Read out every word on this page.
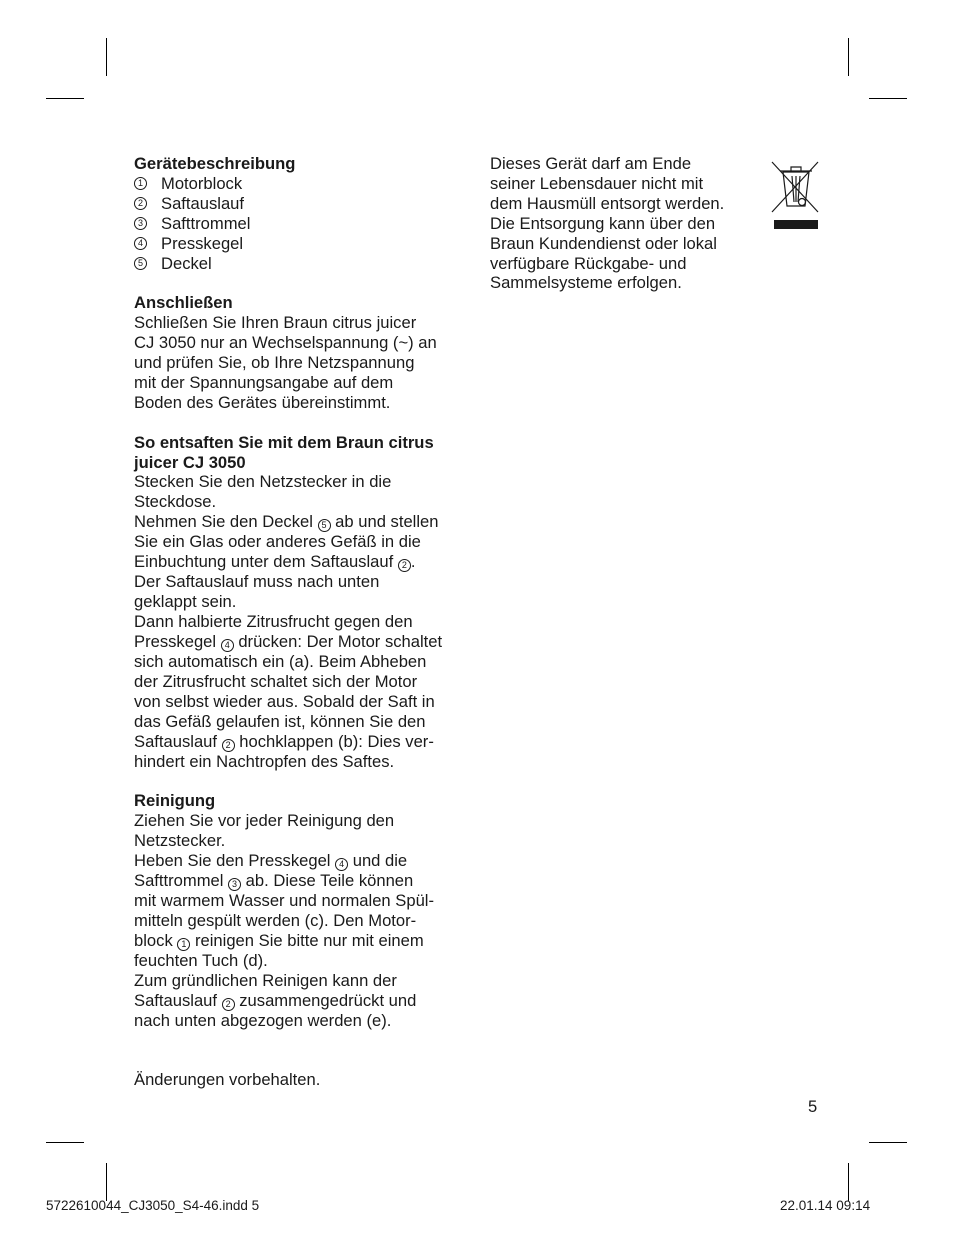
Gerätebeschreibung
1 Motorblock
2 Saftauslauf
3 Safttrommel
4 Presskegel
5 Deckel
Anschließen
Schließen Sie Ihren Braun citrus juicer
CJ 3050 nur an Wechselspannung (~) an
und prüfen Sie, ob Ihre Netzspannung
mit der Spannungsangabe auf dem
Boden des Gerätes übereinstimmt.
So entsaften Sie mit dem Braun citrus
juicer CJ 3050
Stecken Sie den Netzstecker in die
Steckdose.
Nehmen Sie den Deckel 5 ab und stellen
Sie ein Glas oder anderes Gefäß in die
Einbuchtung unter dem Saftauslauf 2 .
Der Saftauslauf muss nach unten
geklappt sein.
Dann halbierte Zitrusfrucht gegen den
Presskegel 4 drücken: Der Motor schaltet
sich automatisch ein (a). Beim Abheben
der Zitrusfrucht schaltet sich der Motor
von selbst wieder aus. Sobald der Saft in
das Gefäß gelaufen ist, können Sie den
Saftauslauf 2 hochklappen (b): Dies ver-
hindert ein Nachtropfen des Saftes.
Reinigung
Ziehen Sie vor jeder Reinigung den
Netzstecker.
Heben Sie den Presskegel 4 und die
Safttrommel 3 ab. Diese Teile können
mit warmem Wasser und normalen Spül-
mitteln gespült werden (c). Den Motor-
block 1 reinigen Sie bitte nur mit einem
feuchten Tuch (d).
Zum gründlichen Reinigen kann der
Saftauslauf 2 zusammengedrückt und
nach unten abgezogen werden (e).
Änderungen vorbehalten.
Dieses Gerät darf am Ende
seiner Lebensdauer nicht mit
dem Hausmüll entsorgt werden.
Die Entsorgung kann über den
Braun Kundendienst oder lokal
verfügbare Rückgabe- und
Sammelsysteme erfolgen.
5
5722610044_CJ3050_S4-46.indd 5	22.01.14 09:14
